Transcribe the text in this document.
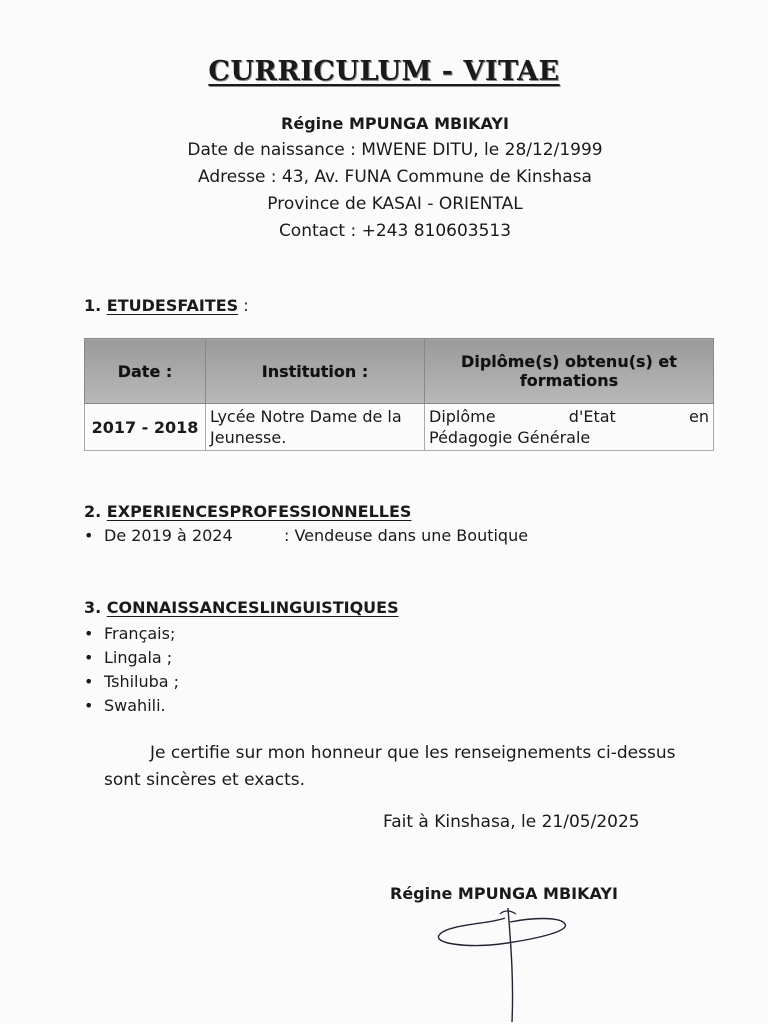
CURRICULUM - VITAE
Régine MPUNGA MBIKAYI
Date de naissance : MWENE DITU, le 28/12/1999
Adresse : 43, Av. FUNA Commune de Kinshasa
Province de KASAI - ORIENTAL
Contact : +243 810603513
1. ETUDESFAITES :
Date :	Institution :	Diplôme(s) obtenu(s) et formations
2017 - 2018	Lycée Notre Dame de la Jeunesse.	Diplôme d'Etat en
Pédagogie Générale
2. EXPERIENCESPROFESSIONNELLES
• De 2019 à 2024	: Vendeuse dans une Boutique
3. CONNAISSANCESLINGUISTIQUES
• Français;
• Lingala ;
• Tshiluba ;
• Swahili.
Je certifie sur mon honneur que les renseignements ci-dessus
sont sincères et exacts.
Fait à Kinshasa, le 21/05/2025
Régine MPUNGA MBIKAYI
